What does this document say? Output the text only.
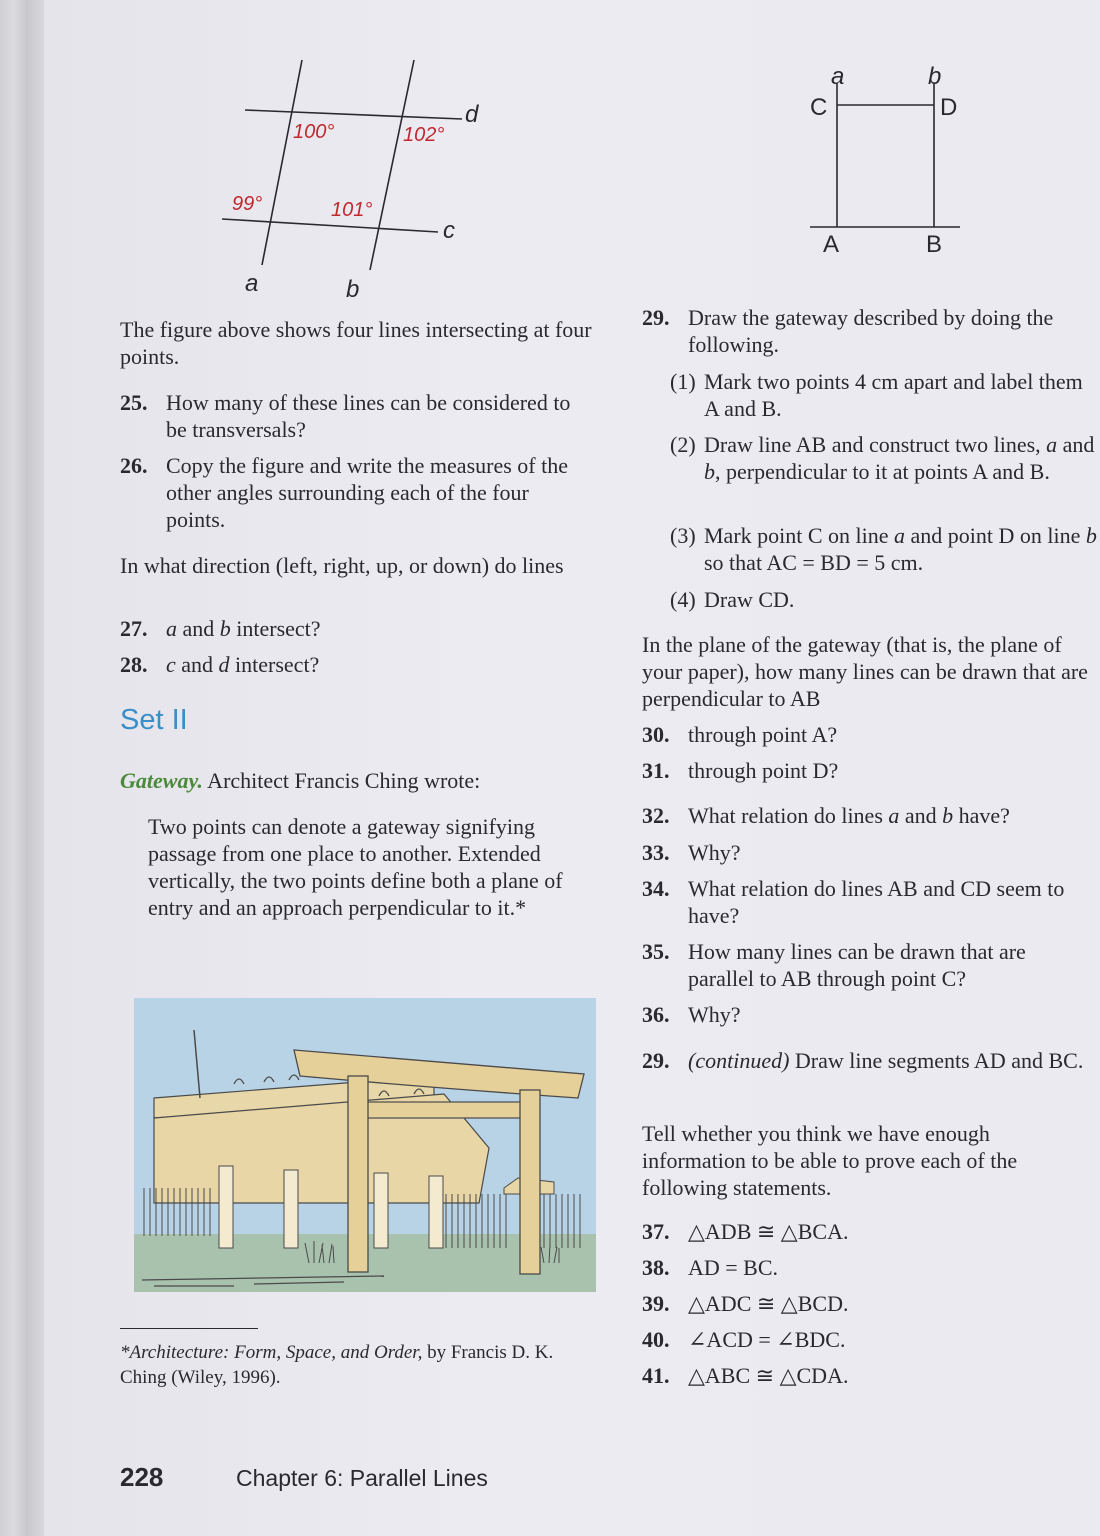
100°	102°
99°	101°
d
c
a	b
a	b
C	D
A	B
The figure above shows four lines intersecting at four points.
25. How many of these lines can be considered to be transversals?
26. Copy the figure and write the measures of the other angles surrounding each of the four points.
In what direction (left, right, up, or down) do lines
27. a and b intersect?
28. c and d intersect?
Set II
Gateway. Architect Francis Ching wrote:
Two points can denote a gateway signifying passage from one place to another. Extended vertically, the two points define both a plane of entry and an approach perpendicular to it.*
*Architecture: Form, Space, and Order, by Francis D. K. Ching (Wiley, 1996).
29. Draw the gateway described by doing the following.
(1) Mark two points 4 cm apart and label them A and B.
(2) Draw line AB and construct two lines, a and b, perpendicular to it at points A and B.
(3) Mark point C on line a and point D on line b so that AC = BD = 5 cm.
(4) Draw CD.
In the plane of the gateway (that is, the plane of your paper), how many lines can be drawn that are perpendicular to AB
30. through point A?
31. through point D?
32. What relation do lines a and b have?
33. Why?
34. What relation do lines AB and CD seem to have?
35. How many lines can be drawn that are parallel to AB through point C?
36. Why?
29. (continued) Draw line segments AD and BC.
Tell whether you think we have enough information to be able to prove each of the following statements.
37. △ADB ≅ △BCA.
38. AD = BC.
39. △ADC ≅ △BCD.
40. ∠ACD = ∠BDC.
41. △ABC ≅ △CDA.
228	Chapter 6: Parallel Lines
